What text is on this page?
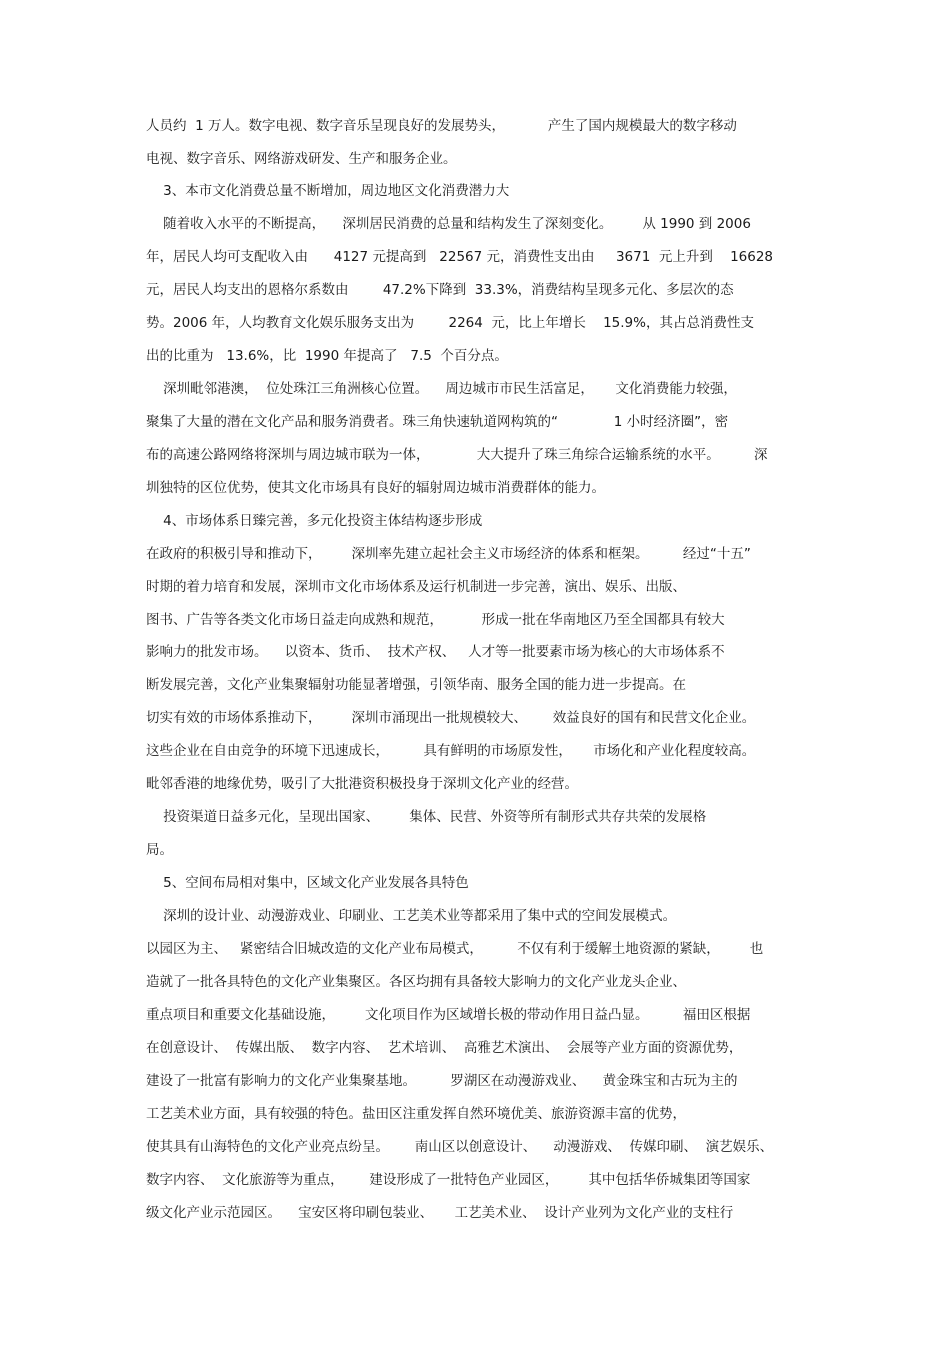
人员约  1 万人。数字电视、数字音乐呈现良好的发展势头，          产生了国内规模最大的数字移动
电视、数字音乐、网络游戏研发、生产和服务企业。
3、本市文化消费总量不断增加，周边地区文化消费潜力大
随着收入水平的不断提高，    深圳居民消费的总量和结构发生了深刻变化。       从 1990 到 2006
年，居民人均可支配收入由      4127 元提高到   22567 元，消费性支出由     3671  元上升到    16628
元，居民人均支出的恩格尔系数由        47.2%下降到  33.3%，消费结构呈现多元化、多层次的态
势。2006 年，人均教育文化娱乐服务支出为        2264  元，比上年增长    15.9%，其占总消费性支
出的比重为   13.6%，比  1990 年提高了   7.5  个百分点。
深圳毗邻港澳，  位处珠江三角洲核心位置。    周边城市市民生活富足，     文化消费能力较强，
聚集了大量的潜在文化产品和服务消费者。珠三角快速轨道网构筑的“             1 小时经济圈”，密
布的高速公路网络将深圳与周边城市联为一体，           大大提升了珠三角综合运输系统的水平。        深
圳独特的区位优势，使其文化市场具有良好的辐射周边城市消费群体的能力。
4、市场体系日臻完善，多元化投资主体结构逐步形成
在政府的积极引导和推动下，       深圳率先建立起社会主义市场经济的体系和框架。        经过“十五”
时期的着力培育和发展，深圳市文化市场体系及运行机制进一步完善，演出、娱乐、出版、
图书、广告等各类文化市场日益走向成熟和规范，         形成一批在华南地区乃至全国都具有较大
影响力的批发市场。    以资本、货币、  技术产权、   人才等一批要素市场为核心的大市场体系不
断发展完善，文化产业集聚辐射功能显著增强，引领华南、服务全国的能力进一步提高。在
切实有效的市场体系推动下，       深圳市涌现出一批规模较大、      效益良好的国有和民营文化企业。
这些企业在自由竞争的环境下迅速成长，        具有鲜明的市场原发性，     市场化和产业化程度较高。
毗邻香港的地缘优势，吸引了大批港资积极投身于深圳文化产业的经营。
投资渠道日益多元化，呈现出国家、       集体、民营、外资等所有制形式共存共荣的发展格
局。
5、空间布局相对集中，区域文化产业发展各具特色
深圳的设计业、动漫游戏业、印刷业、工艺美术业等都采用了集中式的空间发展模式。
以园区为主、   紧密结合旧城改造的文化产业布局模式，        不仅有利于缓解土地资源的紧缺，       也
造就了一批各具特色的文化产业集聚区。各区均拥有具备较大影响力的文化产业龙头企业、
重点项目和重要文化基础设施，       文化项目作为区域增长极的带动作用日益凸显。        福田区根据
在创意设计、  传媒出版、  数字内容、  艺术培训、  高雅艺术演出、  会展等产业方面的资源优势，
建设了一批富有影响力的文化产业集聚基地。        罗湖区在动漫游戏业、    黄金珠宝和古玩为主的
工艺美术业方面，具有较强的特色。盐田区注重发挥自然环境优美、旅游资源丰富的优势，
使其具有山海特色的文化产业亮点纷呈。      南山区以创意设计、    动漫游戏、  传媒印刷、  演艺娱乐、
数字内容、  文化旅游等为重点，      建设形成了一批特色产业园区，       其中包括华侨城集团等国家
级文化产业示范园区。    宝安区将印刷包装业、     工艺美术业、  设计产业列为文化产业的支柱行
